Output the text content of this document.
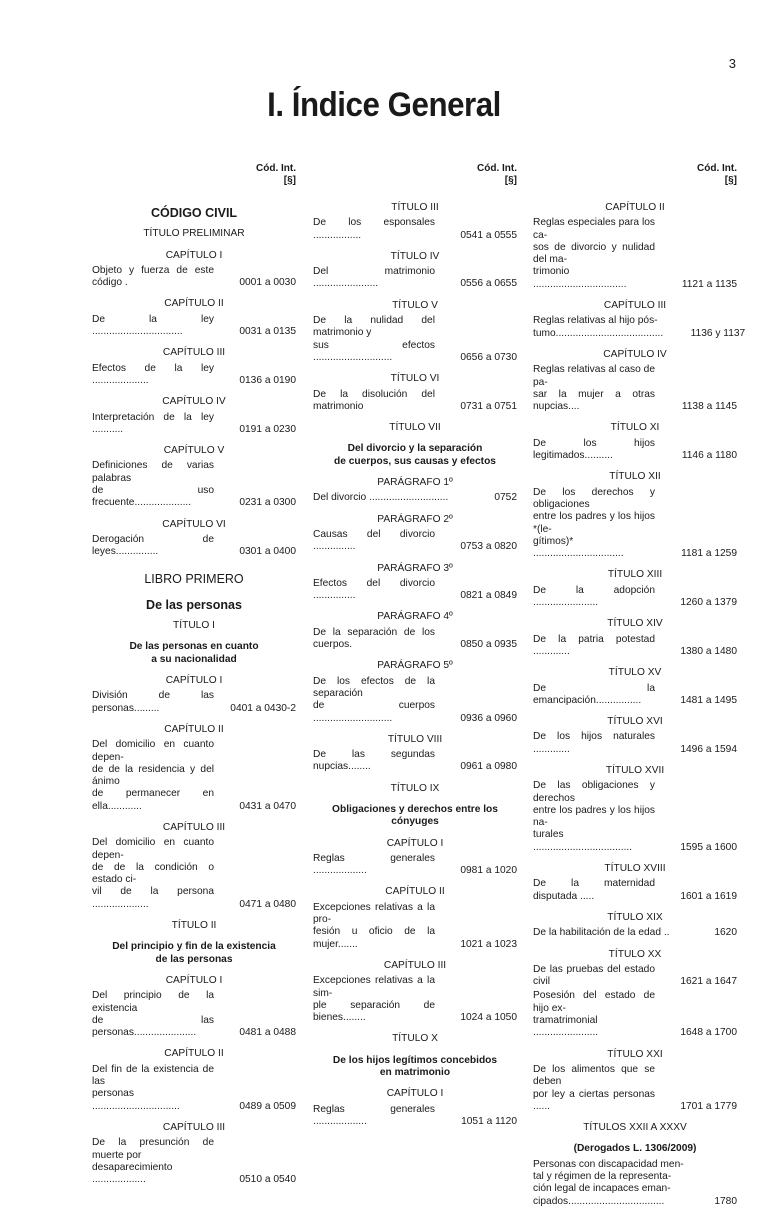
3
I. Índice General
Cód. Int.
[§]
CÓDIGO CIVIL
TÍTULO PRELIMINAR
CAPÍTULO I
Objeto y fuerza de este código .	0001 a 0030
CAPÍTULO II
De la ley ................................	0031 a 0135
CAPÍTULO III
Efectos de la ley ....................	0136 a 0190
CAPÍTULO IV
Interpretación de la ley ...........	0191 a 0230
CAPÍTULO V
Definiciones de varias palabras
de uso frecuente....................	0231 a 0300
CAPÍTULO VI
Derogación de leyes...............	0301 a 0400
LIBRO PRIMERO
De las personas
TÍTULO I
De las personas en cuanto
a su nacionalidad
CAPÍTULO I
División de las personas.........	0401 a 0430-2
CAPÍTULO II
Del domicilio en cuanto depen-
de de la residencia y del ánimo
de permanecer en ella............	0431 a 0470
CAPÍTULO III
Del domicilio en cuanto depen-
de de la condición o estado ci-
vil de la persona ....................	0471 a 0480
TÍTULO II
Del principio y fin de la existencia
de las personas
CAPÍTULO I
Del principio de la existencia
de las personas......................	0481 a 0488
CAPÍTULO II
Del fin de la existencia de las
personas ...............................	0489 a 0509
CAPÍTULO III
De la presunción de muerte por
desaparecimiento ...................	0510 a 0540
Cód. Int.
[§]
TÍTULO III
De los esponsales .................	0541 a 0555
TÍTULO IV
Del matrimonio .......................	0556 a 0655
TÍTULO V
De la nulidad del matrimonio y
sus efectos ............................	0656 a 0730
TÍTULO VI
De la disolución del matrimonio	0731 a 0751
TÍTULO VII
Del divorcio y la separación
de cuerpos, sus causas y efectos
PARÁGRAFO 1º
Del divorcio ............................	0752
PARÁGRAFO 2º
Causas del divorcio ...............	0753 a 0820
PARÁGRAFO 3º
Efectos del divorcio ...............	0821 a 0849
PARÁGRAFO 4º
De la separación de los cuerpos.	0850 a 0935
PARÁGRAFO 5º
De los efectos de la separación
de cuerpos ............................	0936 a 0960
TÍTULO VIII
De las segundas nupcias........	0961 a 0980
TÍTULO IX
Obligaciones y derechos entre los cónyuges
CAPÍTULO I
Reglas generales ...................	0981 a 1020
CAPÍTULO II
Excepciones relativas a la pro-
fesión u oficio de la mujer.......	1021 a 1023
CAPÍTULO III
Excepciones relativas a la sim-
ple separación de bienes........	1024 a 1050
TÍTULO X
De los hijos legítimos concebidos
en matrimonio
CAPÍTULO I
Reglas generales ...................	1051 a 1120
Cód. Int.
[§]
CAPÍTULO II
Reglas especiales para los ca-
sos de divorcio y nulidad del ma-
trimonio .................................	1121 a 1135
CAPÍTULO III
Reglas relativas al hijo pós-
tumo......................................	1136 y 1137
CAPÍTULO IV
Reglas relativas al caso de pa-
sar la mujer a otras nupcias....	1138 a 1145
TÍTULO XI
De los hijos legitimados..........	1146 a 1180
TÍTULO XII
De los derechos y obligaciones
entre los padres y los hijos *(le-
gítimos)* ................................	1181 a 1259
TÍTULO XIII
De la adopción .......................	1260 a 1379
TÍTULO XIV
De la patria potestad .............	1380 a 1480
TÍTULO XV
De la emancipación................	1481 a 1495
TÍTULO XVI
De los hijos naturales .............	1496 a 1594
TÍTULO XVII
De las obligaciones y derechos
entre los padres y los hijos na-
turales ...................................	1595 a 1600
TÍTULO XVIII
De la maternidad disputada .....	1601 a 1619
TÍTULO XIX
De la habilitación de la edad ..	1620
TÍTULO XX
De las pruebas del estado civil	1621 a 1647
Posesión del estado de hijo ex-
tramatrimonial .......................	1648 a 1700
TÍTULO XXI
De los alimentos que se deben
por ley a ciertas personas ......	1701 a 1779
TÍTULOS XXII A XXXV
(Derogados L. 1306/2009)
Personas con discapacidad men-
tal y régimen de la representa-
ción legal de incapaces eman-
cipados..................................	1780
